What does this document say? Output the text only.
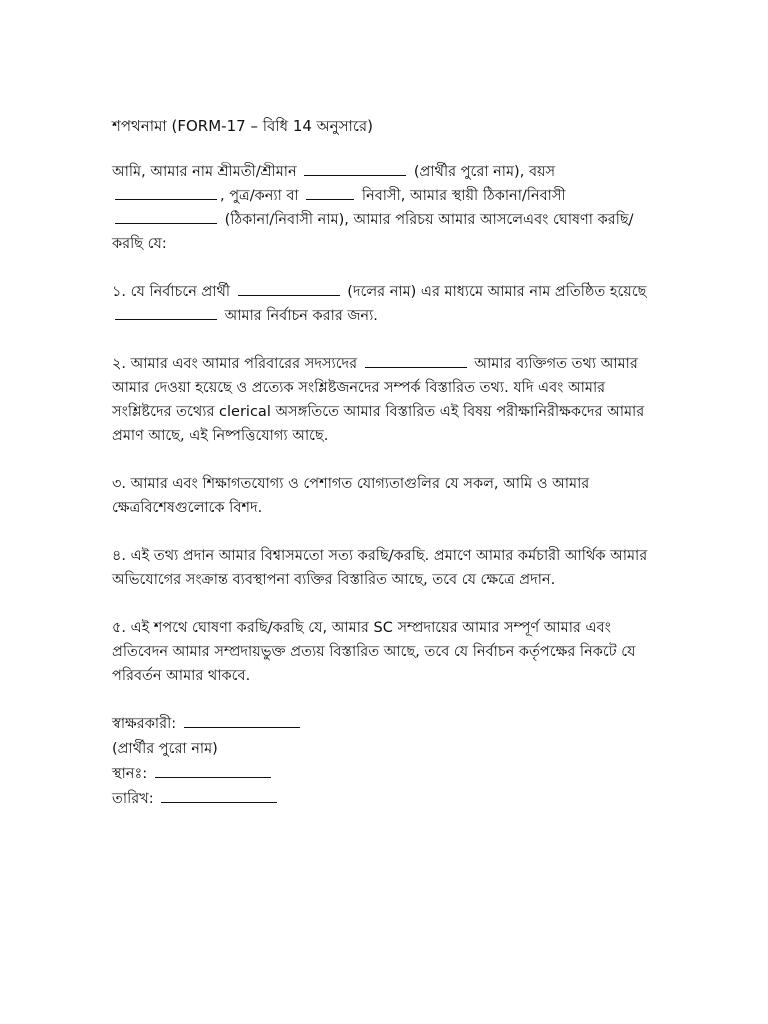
শপথনামা (FORM-17 – বিধি 14 অনুসারে)
আমি, আমার নাম শ্রীমতী/শ্রীমান	(প্রার্থীর পুরো নাম), বয়স , পুত্র/কন্যা বা	নিবাসী, আমার স্থায়ী ঠিকানা/নিবাসী  (ঠিকানা/নিবাসী নাম), আমার পরিচয় আমার আসলেএবং ঘোষণা করছি/করছি যে:
১. যে নির্বাচনে প্রার্থী	(দলের নাম) এর মাধ্যমে আমার নাম প্রতিষ্ঠিত হয়েছে  আমার নির্বাচন করার জন্য.
২. আমার এবং আমার পরিবারের সদস্যদের	আমার ব্যক্তিগত তথ্য আমার আমার দেওয়া হয়েছে ও প্রত্যেক সংশ্লিষ্টজনদের সম্পর্ক বিস্তারিত তথ্য. যদি এবং আমার সংশ্লিষ্টদের তথ্যের clerical অসঙ্গতিতে আমার বিস্তারিত এই বিষয় পরীক্ষানিরীক্ষকদের আমার প্রমাণ আছে, এই নিষ্পত্তিযোগ্য আছে.
৩. আমার এবং শিক্ষাগতযোগ্য ও পেশাগত যোগ্যতাগুলির যে সকল, আমি ও আমার ক্ষেত্রবিশেষগুলোকে বিশদ.
৪. এই তথ্য প্রদান আমার বিশ্বাসমতো সত্য করছি/করছি. প্রমাণে আমার কর্মচারী আর্থিক আমার অভিযোগের সংক্রান্ত ব্যবস্থাপনা ব্যক্তির বিস্তারিত আছে, তবে যে ক্ষেত্রে প্রদান.
৫. এই শপথে ঘোষণা করছি/করছি যে, আমার SC সম্প্রদায়ের আমার সম্পূর্ণ আমার এবং প্রতিবেদন আমার সম্প্রদায়ভুক্ত প্রত্যয় বিস্তারিত আছে, তবে যে নির্বাচন কর্তৃপক্ষের নিকটে যে পরিবর্তন আমার থাকবে.
স্বাক্ষরকারী:
(প্রার্থীর পুরো নাম)
স্থানঃ:
তারিখ:
